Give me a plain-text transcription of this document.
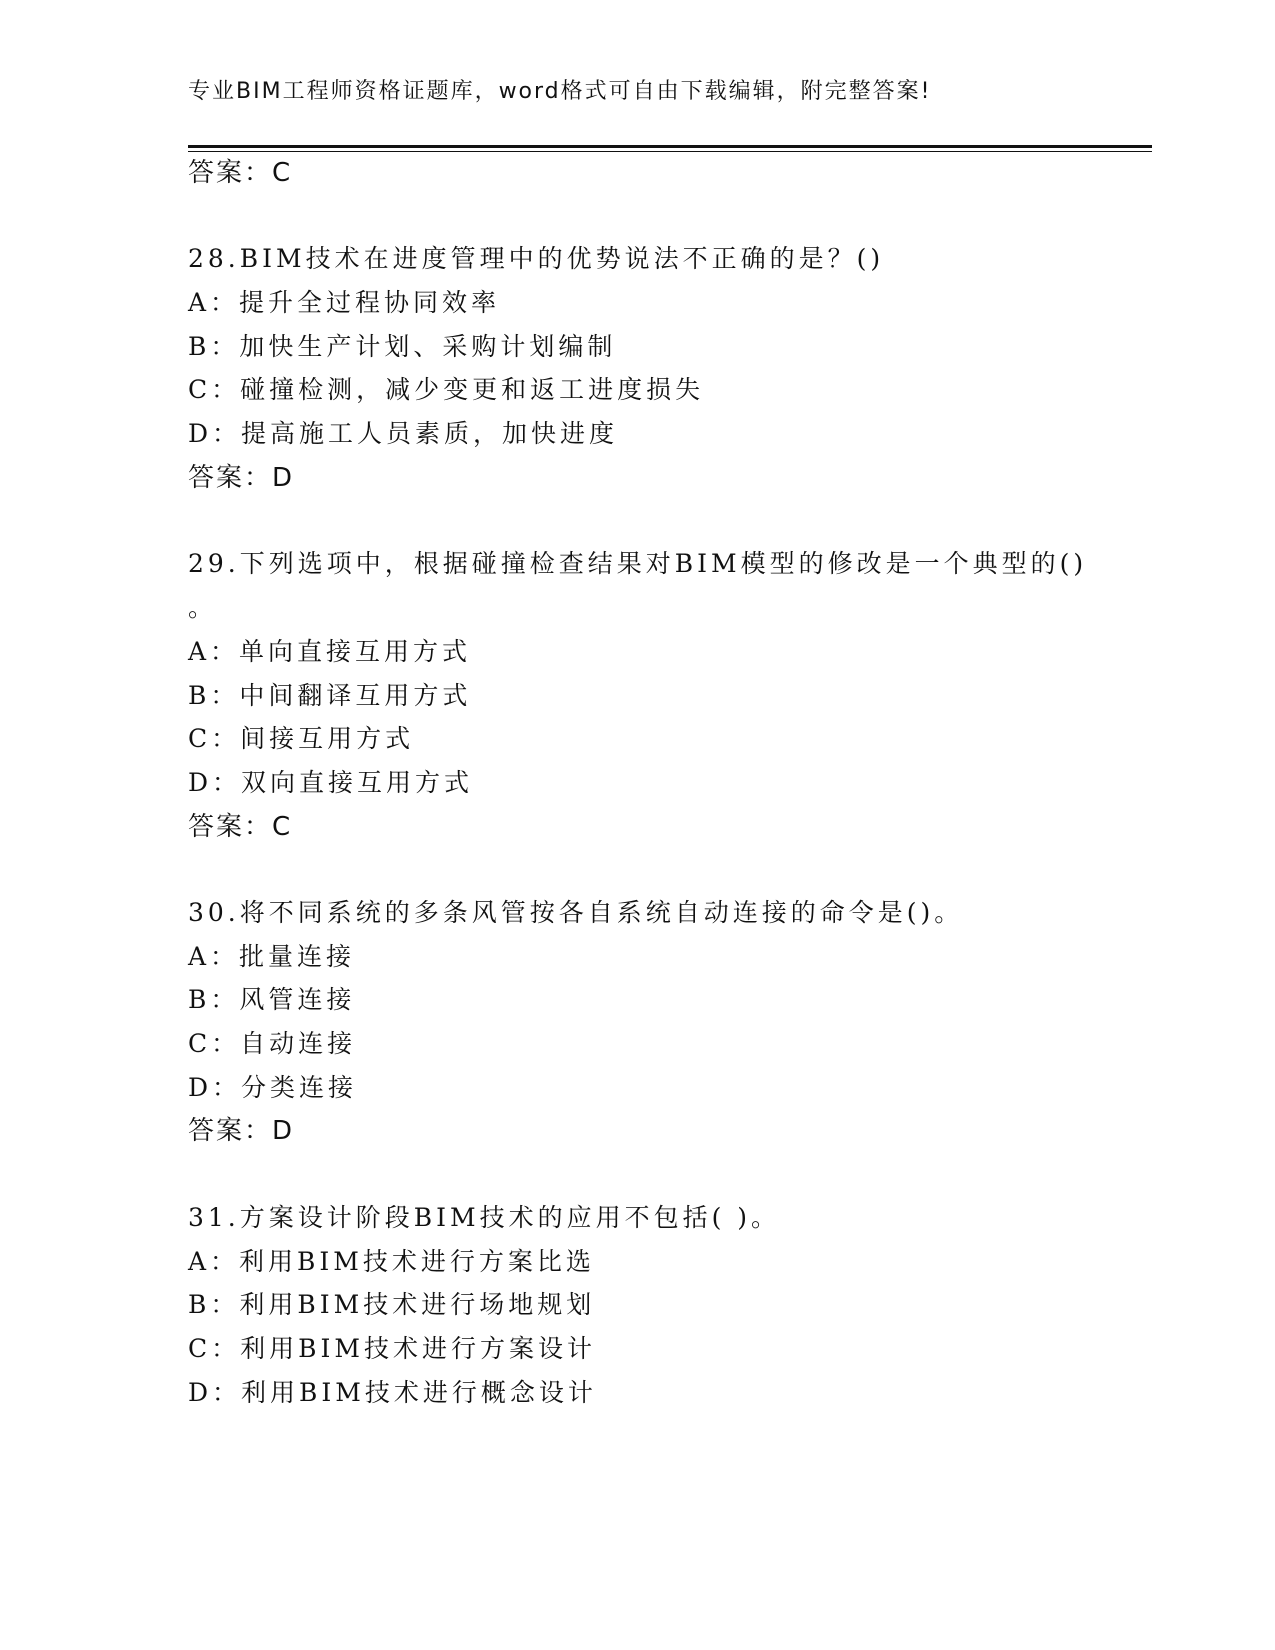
专业BIM工程师资格证题库，word格式可自由下载编辑，附完整答案!
答案：C
28.BIM技术在进度管理中的优势说法不正确的是？()
A：提升全过程协同效率
B：加快生产计划、采购计划编制
C：碰撞检测，减少变更和返工进度损失
D：提高施工人员素质，加快进度
答案：D
29.下列选项中，根据碰撞检查结果对BIM模型的修改是一个典型的()
。
A：单向直接互用方式
B：中间翻译互用方式
C：间接互用方式
D：双向直接互用方式
答案：C
30.将不同系统的多条风管按各自系统自动连接的命令是()。
A：批量连接
B：风管连接
C：自动连接
D：分类连接
答案：D
31.方案设计阶段BIM技术的应用不包括( )。
A：利用BIM技术进行方案比选
B：利用BIM技术进行场地规划
C：利用BIM技术进行方案设计
D：利用BIM技术进行概念设计
